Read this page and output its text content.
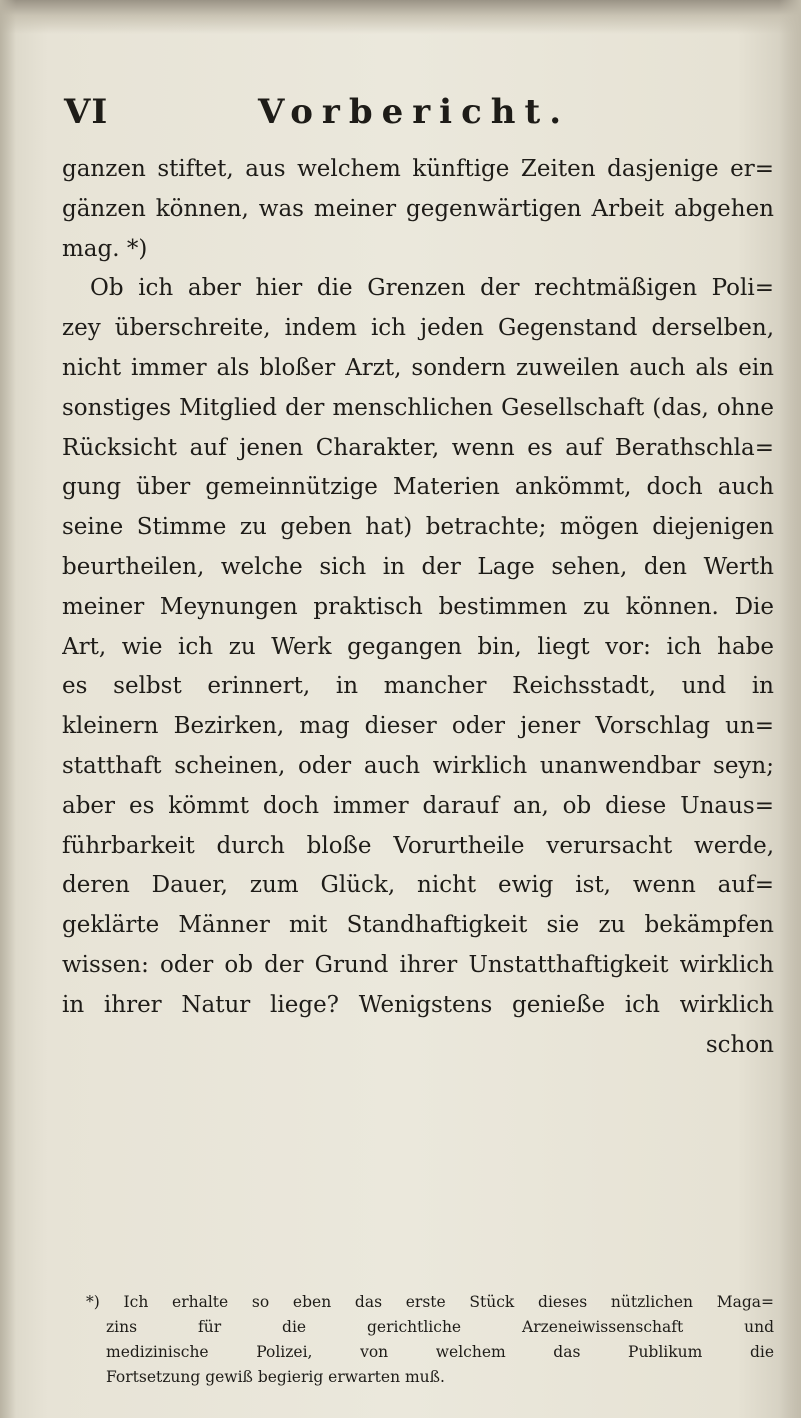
VI	Vorbericht.
ganzen stiftet, aus welchem künftige Zeiten dasjenige er=
gänzen können, was meiner gegenwärtigen Arbeit abgehen
mag. *)
Ob ich aber hier die Grenzen der rechtmäßigen Poli=
zey überschreite, indem ich jeden Gegenstand derselben,
nicht immer als bloßer Arzt, sondern zuweilen auch als ein
sonstiges Mitglied der menschlichen Gesellschaft (das, ohne
Rücksicht auf jenen Charakter, wenn es auf Berathschla=
gung über gemeinnützige Materien ankömmt, doch auch
seine Stimme zu geben hat) betrachte; mögen diejenigen
beurtheilen, welche sich in der Lage sehen, den Werth
meiner Meynungen praktisch bestimmen zu können. Die
Art, wie ich zu Werk gegangen bin, liegt vor: ich habe
es selbst erinnert, in mancher Reichsstadt, und in
kleinern Bezirken, mag dieser oder jener Vorschlag un=
statthaft scheinen, oder auch wirklich unanwendbar seyn;
aber es kömmt doch immer darauf an, ob diese Unaus=
führbarkeit durch bloße Vorurtheile verursacht werde,
deren Dauer, zum Glück, nicht ewig ist, wenn auf=
geklärte Männer mit Standhaftigkeit sie zu bekämpfen
wissen: oder ob der Grund ihrer Unstatthaftigkeit wirklich
in ihrer Natur liege? Wenigstens genieße ich wirklich
schon
*) Ich erhalte so eben das erste Stück dieses nützlichen Maga=
zins für die gerichtliche Arzeneiwissenschaft und
medizinische Polizei, von welchem das Publikum die
Fortsetzung gewiß begierig erwarten muß.
